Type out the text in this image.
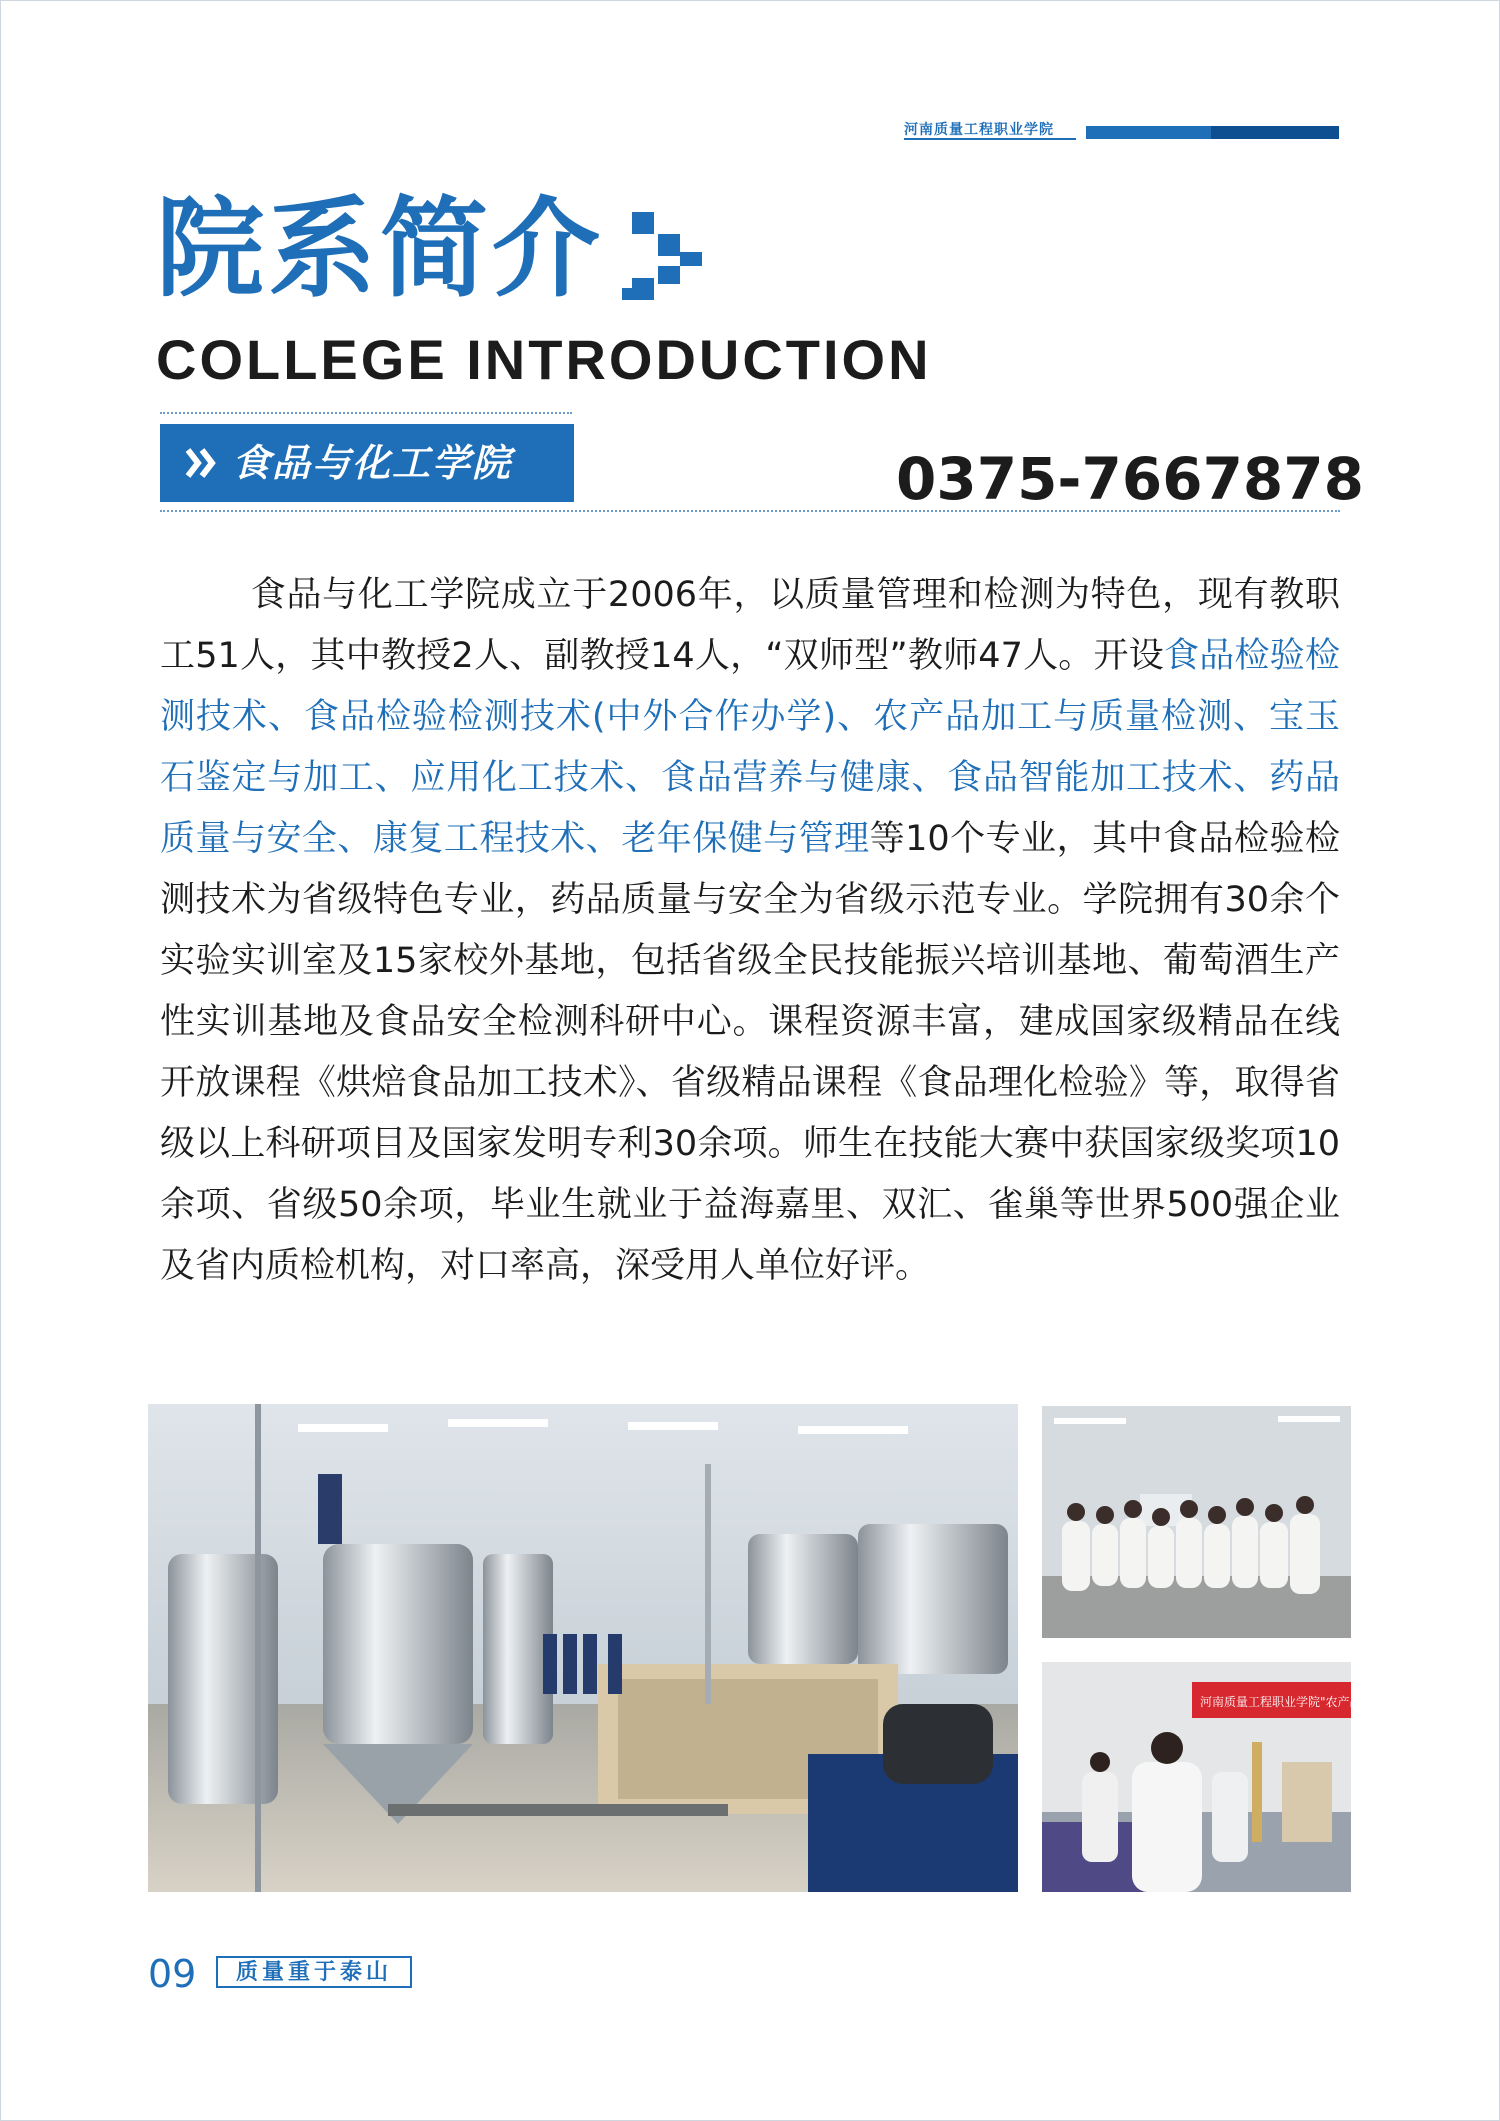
河南质量工程职业学院
院系简介
COLLEGE INTRODUCTION
食品与化工学院	0375-7667878

食品与化工学院成立于2006年，以质量管理和检测为特色，现有教职工51人，其中教授2人、副教授14人，“双师型”教师47人。开设食品检验检测技术、食品检验检测技术(中外合作办学)、农产品加工与质量检测、宝玉石鉴定与加工、应用化工技术、食品营养与健康、食品智能加工技术、药品质量与安全、康复工程技术、老年保健与管理等10个专业，其中食品检验检测技术为省级特色专业，药品质量与安全为省级示范专业。学院拥有30余个实验实训室及15家校外基地，包括省级全民技能振兴培训基地、葡萄酒生产性实训基地及食品安全检测科研中心。课程资源丰富，建成国家级精品在线开放课程《烘焙食品加工技术》、省级精品课程《食品理化检验》等，取得省级以上科研项目及国家发明专利30余项。师生在技能大赛中获国家级奖项10余项、省级50余项，毕业生就业于益海嘉里、双汇、雀巢等世界500强企业及省内质检机构，对口率高，深受用人单位好评。

河南质量工程职业学院"农产品质
09	质量重于泰山
